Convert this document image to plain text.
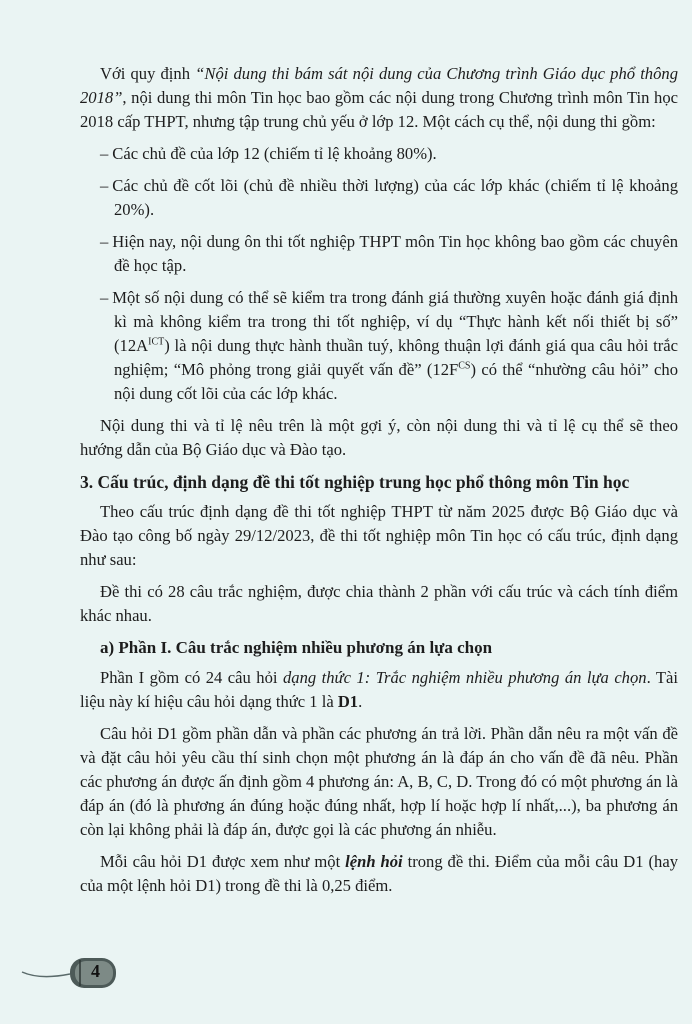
Với quy định “Nội dung thi bám sát nội dung của Chương trình Giáo dục phổ thông 2018”, nội dung thi môn Tin học bao gồm các nội dung trong Chương trình môn Tin học 2018 cấp THPT, nhưng tập trung chủ yếu ở lớp 12. Một cách cụ thể, nội dung thi gồm:

– Các chủ đề của lớp 12 (chiếm tỉ lệ khoảng 80%).
– Các chủ đề cốt lõi (chủ đề nhiều thời lượng) của các lớp khác (chiếm tỉ lệ khoảng 20%).
– Hiện nay, nội dung ôn thi tốt nghiệp THPT môn Tin học không bao gồm các chuyên đề học tập.
– Một số nội dung có thể sẽ kiểm tra trong đánh giá thường xuyên hoặc đánh giá định kì mà không kiểm tra trong thi tốt nghiệp, ví dụ “Thực hành kết nối thiết bị số” $(12A^{ICT})$ là nội dung thực hành thuần tuý, không thuận lợi đánh giá qua câu hỏi trắc nghiệm; “Mô phỏng trong giải quyết vấn đề” $(12F^{CS})$ có thể “nhường câu hỏi” cho nội dung cốt lõi của các lớp khác.

Nội dung thi và tỉ lệ nêu trên là một gợi ý, còn nội dung thi và tỉ lệ cụ thể sẽ theo hướng dẫn của Bộ Giáo dục và Đào tạo.

3. Cấu trúc, định dạng đề thi tốt nghiệp trung học phổ thông môn Tin học

Theo cấu trúc định dạng đề thi tốt nghiệp THPT từ năm 2025 được Bộ Giáo dục và Đào tạo công bố ngày 29/12/2023, đề thi tốt nghiệp môn Tin học có cấu trúc, định dạng như sau:

Đề thi có 28 câu trắc nghiệm, được chia thành 2 phần với cấu trúc và cách tính điểm khác nhau.

a) Phần I. Câu trắc nghiệm nhiều phương án lựa chọn

Phần I gồm có 24 câu hỏi dạng thức 1: Trắc nghiệm nhiều phương án lựa chọn. Tài liệu này kí hiệu câu hỏi dạng thức 1 là D1.

Câu hỏi D1 gồm phần dẫn và phần các phương án trả lời. Phần dẫn nêu ra một vấn đề và đặt câu hỏi yêu cầu thí sinh chọn một phương án là đáp án cho vấn đề đã nêu. Phần các phương án được ấn định gồm 4 phương án: A, B, C, D. Trong đó có một phương án là đáp án (đó là phương án đúng hoặc đúng nhất, hợp lí hoặc hợp lí nhất,...), ba phương án còn lại không phải là đáp án, được gọi là các phương án nhiễu.

Mỗi câu hỏi D1 được xem như một lệnh hỏi trong đề thi. Điểm của mỗi câu D1 (hay của một lệnh hỏi D1) trong đề thi là 0,25 điểm.

4
